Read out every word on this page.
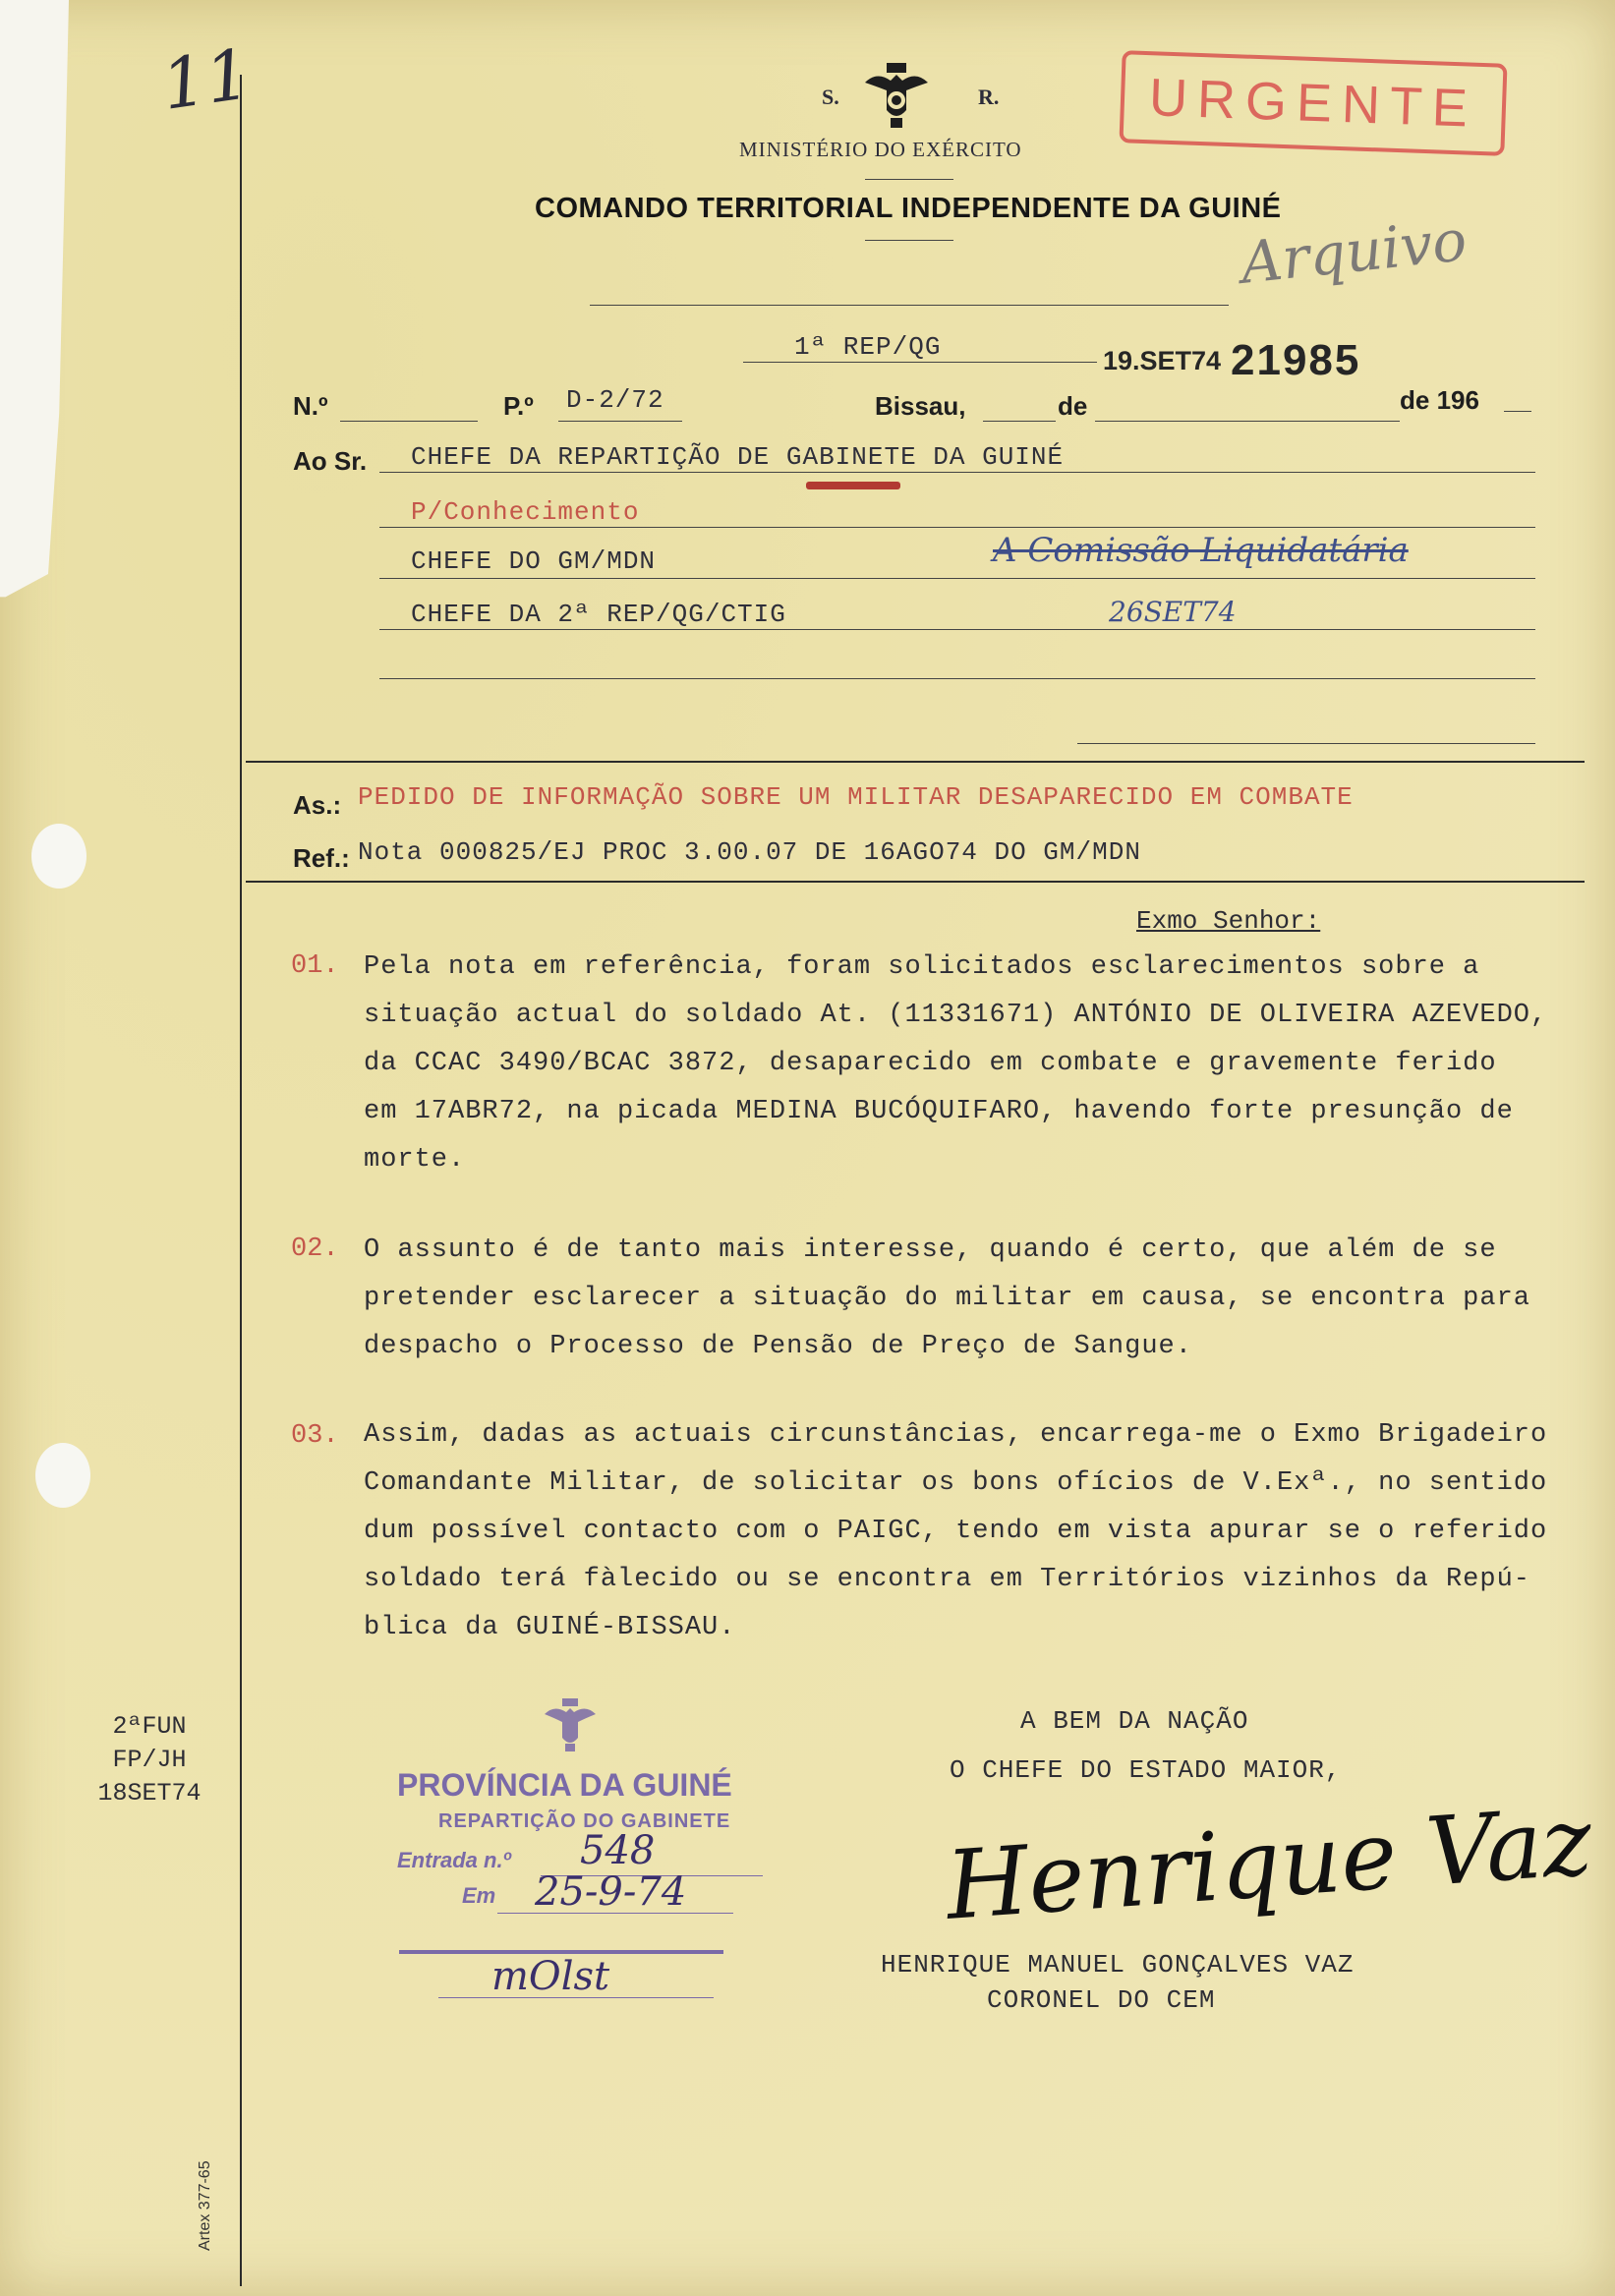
11	S.	R.
MINISTÉRIO DO EXÉRCITO
COMANDO TERRITORIAL INDEPENDENTE DA GUINÉ
URGENTE
Arquivo
1ª REP/QG	19.SET74 21985
N.º	P.º D-2/72	Bissau,	de	de 196
Ao Sr. CHEFE DA REPARTIÇÃO DE GABINETE DA GUINÉ
P/Conhecimento
CHEFE DO GM/MDN	A Comissão Liquidatária
CHEFE DA 2ª REP/QG/CTIG	26SET74
As.: PEDIDO DE INFORMAÇÃO SOBRE UM MILITAR DESAPARECIDO EM COMBATE
Ref.: Nota 000825/EJ PROC 3.00.07 DE 16AGO74 DO GM/MDN
Exmo Senhor:
01. Pela nota em referência, foram solicitados esclarecimentos sobre a
situação actual do soldado At. (11331671) ANTÓNIO DE OLIVEIRA AZEVEDO,
da CCAC 3490/BCAC 3872, desaparecido em combate e gravemente ferido
em 17ABR72, na picada MEDINA BUCÓQUIFARO, havendo forte presunção de
morte.
02. O assunto é de tanto mais interesse, quando é certo, que além de se
pretender esclarecer a situação do militar em causa, se encontra para
despacho o Processo de Pensão de Preço de Sangue.
03. Assim, dadas as actuais circunstâncias, encarrega-me o Exmo Brigadeiro
Comandante Militar, de solicitar os bons ofícios de V.Exª., no sentido
dum possível contacto com o PAIGC, tendo em vista apurar se o referido
soldado terá fàlecido ou se encontra em Territórios vizinhos da Repú-
blica da GUINÉ-BISSAU.
2ªFUN
FP/JH
18SET74	PROVÍNCIA DA GUINÉ
REPARTIÇÃO DO GABINETE
Entrada n.º 548
Em 25-9-74
mOlst
A BEM DA NAÇÃO
O CHEFE DO ESTADO MAIOR,
Henrique Vaz
HENRIQUE MANUEL GONÇALVES VAZ
CORONEL DO CEM
Artex 377-65
